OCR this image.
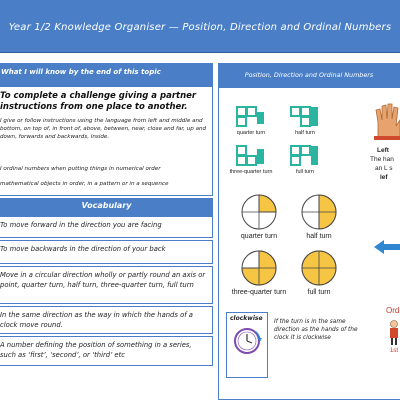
Year 1/2 Knowledge Organiser — Position, Direction and Ordinal Numbers
What I will know by the end of this topic
To complete a challenge giving a partner instructions from one place to another.
I give or follow instructions using the language from left and middle and bottom, on top of, in front of, above, between, near, close and far, up and down, forwards and backwards, inside.
I ordinal numbers when putting things in numerical order
mathematical objects in order, in a pattern or in a sequence
Vocabulary
To move forward in the direction you are facing
To move backwards in the direction of your back
Move in a circular direction wholly or partly round an axis or point, quarter turn, half turn, three-quarter turn, full turn
In the same direction as the way in which the hands of a clock move round.
A number defining the position of something in a series, such as ‘first’, ‘second’, or ‘third’ etc
Position, Direction and Ordinal Numbers
quarter turn	half turn
three-quarter turn	full turn
quarter turn	half turn
three-quarter turn	full turn
Left
The han
an L s
lef
clockwise If the turn is in the same direction as the hands of the clock it is clockwise
Ord
1st
